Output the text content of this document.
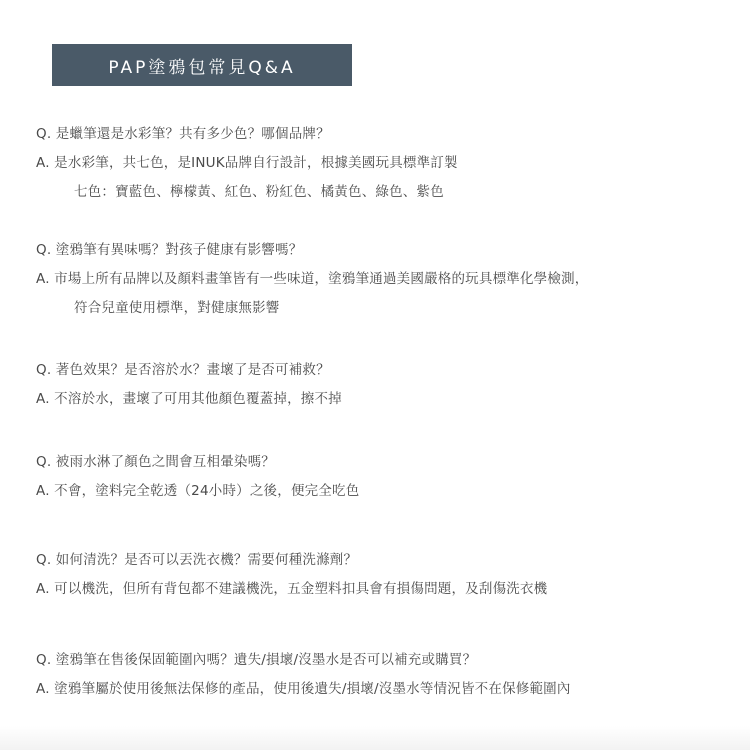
PAP塗鴉包常見Q&A
Q. 是蠟筆還是水彩筆？共有多少色？哪個品牌？
A. 是水彩筆，共七色，是INUK品牌自行設計，根據美國玩具標準訂製
七色：寶藍色、檸檬黃、紅色、粉紅色、橘黃色、綠色、紫色
Q. 塗鴉筆有異味嗎？對孩子健康有影響嗎？
A. 市場上所有品牌以及顏料畫筆皆有一些味道，塗鴉筆通過美國嚴格的玩具標準化學檢測，
符合兒童使用標準，對健康無影響
Q. 著色效果？是否溶於水？畫壞了是否可補救？
A. 不溶於水，畫壞了可用其他顏色覆蓋掉，擦不掉
Q. 被雨水淋了顏色之間會互相暈染嗎？
A. 不會，塗料完全乾透（24小時）之後，便完全吃色
Q. 如何清洗？是否可以丟洗衣機？需要何種洗滌劑？
A. 可以機洗，但所有背包都不建議機洗，五金塑料扣具會有損傷問題，及刮傷洗衣機
Q. 塗鴉筆在售後保固範圍內嗎？遺失/損壞/沒墨水是否可以補充或購買？
A. 塗鴉筆屬於使用後無法保修的產品，使用後遺失/損壞/沒墨水等情況皆不在保修範圍內
